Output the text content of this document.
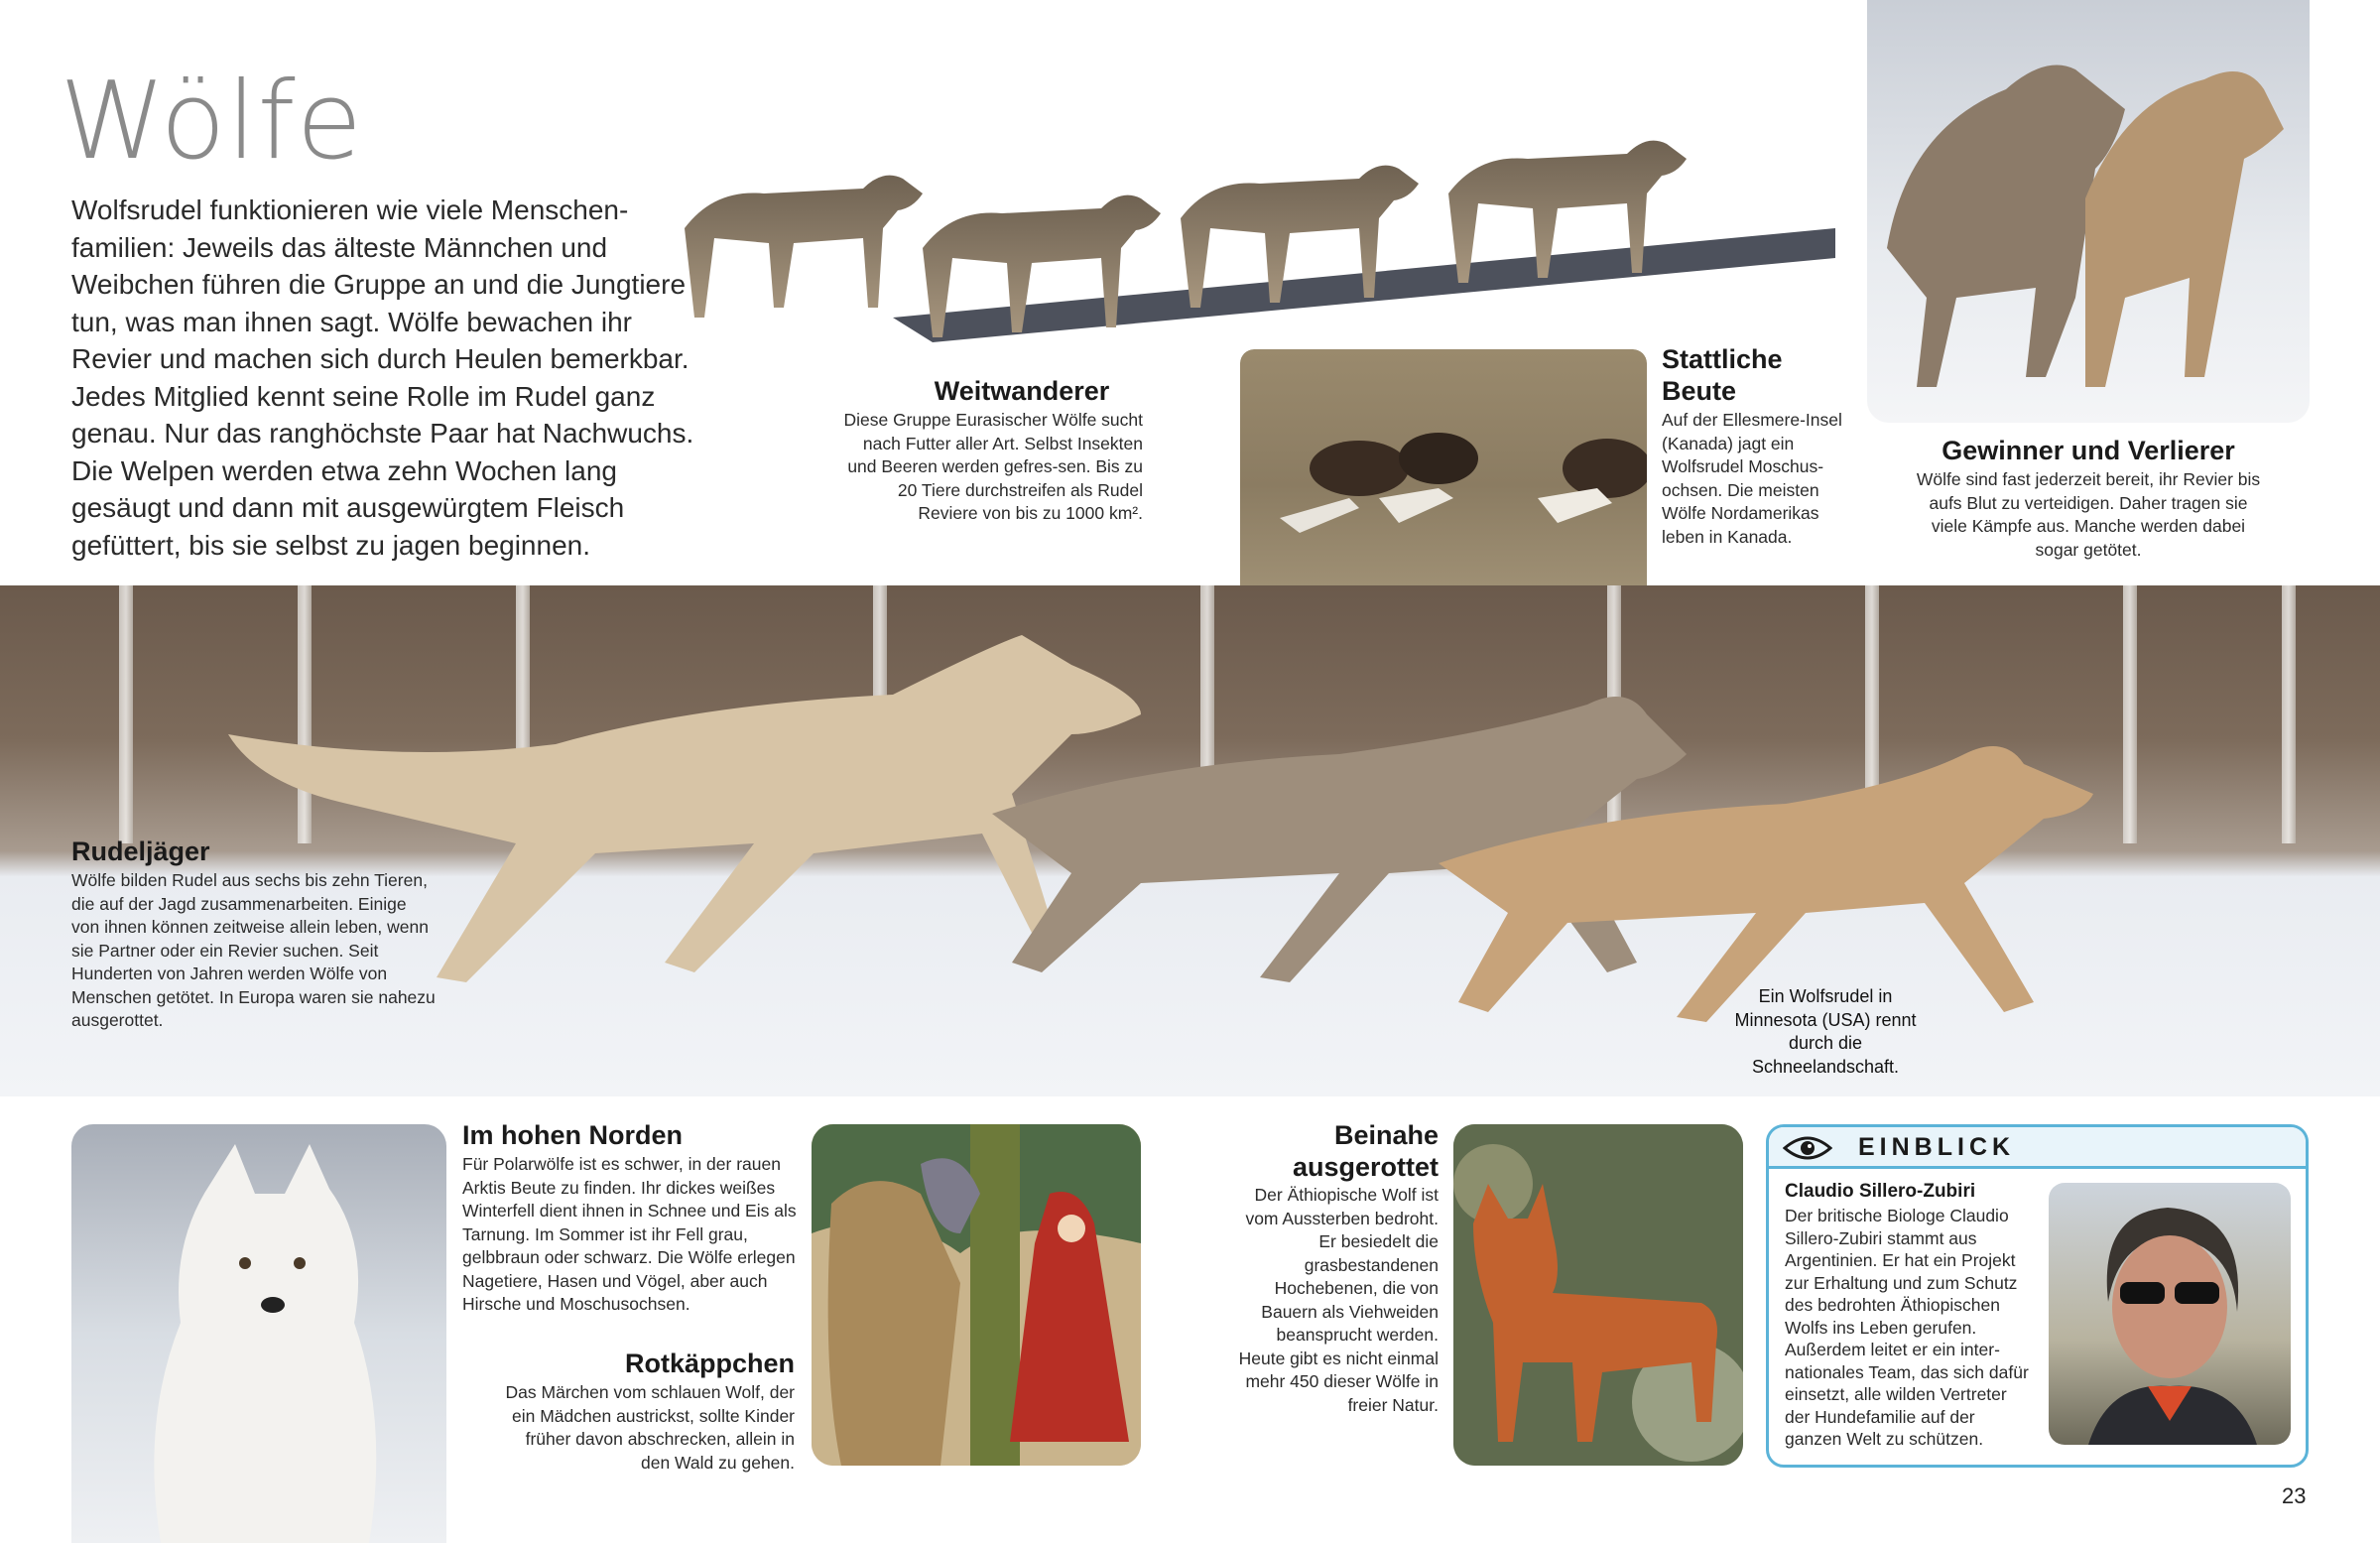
Wölfe
Wolfsrudel funktionieren wie viele Menschen-familien: Jeweils das älteste Männchen und Weibchen führen die Gruppe an und die Jungtiere tun, was man ihnen sagt. Wölfe bewachen ihr Revier und machen sich durch Heulen bemerkbar. Jedes Mitglied kennt seine Rolle im Rudel ganz genau. Nur das ranghöchste Paar hat Nachwuchs. Die Welpen werden etwa zehn Wochen lang gesäugt und dann mit ausgewürgtem Fleisch gefüttert, bis sie selbst zu jagen beginnen.
Weitwanderer
Diese Gruppe Eurasischer Wölfe sucht nach Futter aller Art. Selbst Insekten und Beeren werden gefres-sen. Bis zu 20 Tiere durchstreifen als Rudel Reviere von bis zu 1000 km².
Stattliche
Beute
Auf der Ellesmere-Insel (Kanada) jagt ein Wolfsrudel Moschus-ochsen. Die meisten Wölfe Nordamerikas leben in Kanada.
Gewinner und Verlierer
Wölfe sind fast jederzeit bereit, ihr Revier bis aufs Blut zu verteidigen. Daher tragen sie viele Kämpfe aus. Manche werden dabei sogar getötet.
Rudeljäger
Wölfe bilden Rudel aus sechs bis zehn Tieren, die auf der Jagd zusammenarbeiten. Einige von ihnen können zeitweise allein leben, wenn sie Partner oder ein Revier suchen. Seit Hunderten von Jahren werden Wölfe von Menschen getötet. In Europa waren sie nahezu ausgerottet.
Ein Wolfsrudel in Minnesota (USA) rennt durch die Schneelandschaft.
Im hohen Norden
Für Polarwölfe ist es schwer, in der rauen Arktis Beute zu finden. Ihr dickes weißes Winterfell dient ihnen in Schnee und Eis als Tarnung. Im Sommer ist ihr Fell grau, gelbbraun oder schwarz. Die Wölfe erlegen Nagetiere, Hasen und Vögel, aber auch Hirsche und Moschusochsen.
Rotkäppchen
Das Märchen vom schlauen Wolf, der ein Mädchen austrickst, sollte Kinder früher davon abschrecken, allein in den Wald zu gehen.
Beinahe
ausgerottet
Der Äthiopische Wolf ist vom Aussterben bedroht. Er besiedelt die grasbestandenen Hochebenen, die von Bauern als Viehweiden beansprucht werden. Heute gibt es nicht einmal mehr 450 dieser Wölfe in freier Natur.
EINBLICK
Claudio Sillero-Zubiri
Der britische Biologe Claudio Sillero-Zubiri stammt aus Argentinien. Er hat ein Projekt zur Erhaltung und zum Schutz des bedrohten Äthiopischen Wolfs ins Leben gerufen. Außerdem leitet er ein inter-nationales Team, das sich dafür einsetzt, alle wilden Vertreter der Hundefamilie auf der ganzen Welt zu schützen.
23
